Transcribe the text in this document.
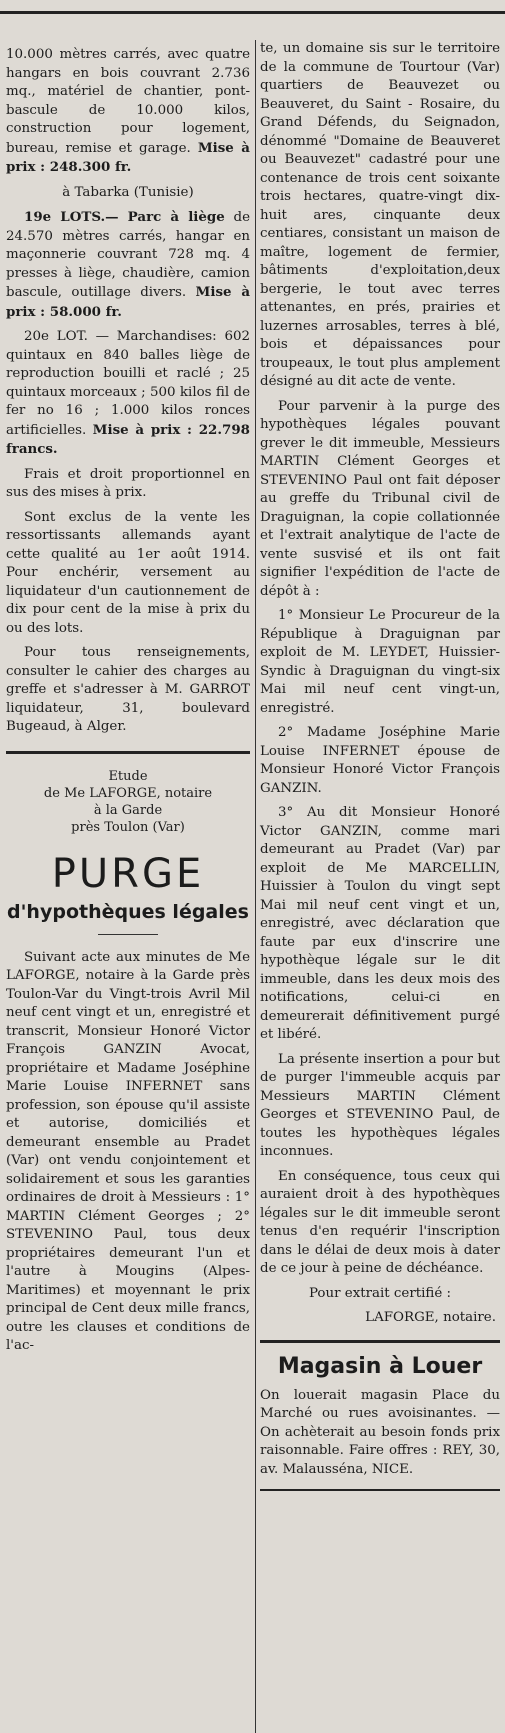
10.000 mètres carrés, avec quatre hangars en bois couvrant 2.736 mq., matériel de chantier, pont-bascule de 10.000 kilos, construction pour logement, bureau, remise et garage. Mise à prix : 248.300 fr.

à Tabarka (Tunisie)

19e LOTS.— Parc à liège de 24.570 mètres carrés, hangar en maçonnerie couvrant 728 mq. 4 presses à liège, chaudière, camion bascule, outillage divers. Mise à prix : 58.000 fr.

20e LOT. — Marchandises: 602 quintaux en 840 balles liège de reproduction bouilli et raclé ; 25 quintaux morceaux ; 500 kilos fil de fer no 16 ; 1.000 kilos ronces artificielles. Mise à prix : 22.798 francs.

Frais et droit proportionnel en sus des mises à prix.

Sont exclus de la vente les ressortissants allemands ayant cette qualité au 1er août 1914. Pour enchérir, versement au liquidateur d'un cautionnement de dix pour cent de la mise à prix du ou des lots.

Pour tous renseignements, consulter le cahier des charges au greffe et s'adresser à M. GARROT liquidateur, 31, boulevard Bugeaud, à Alger.

Etude
de Me LAFORGE, notaire
à la Garde
près Toulon (Var)
PURGE
d'hypothèques légales

Suivant acte aux minutes de Me LAFORGE, notaire à la Garde près Toulon-Var du Vingt-trois Avril Mil neuf cent vingt et un, enregistré et transcrit, Monsieur Honoré Victor François GANZIN Avocat, propriétaire et Madame Joséphine Marie Louise INFERNET sans profession, son épouse qu'il assiste et autorise, domiciliés et demeurant ensemble au Pradet (Var) ont vendu conjointement et solidairement et sous les garanties ordinaires de droit à Messieurs : 1° MARTIN Clément Georges ; 2° STEVENINO Paul, tous deux propriétaires demeurant l'un et l'autre à Mougins (Alpes-Maritimes) et moyennant le prix principal de Cent deux mille francs, outre les clauses et conditions de l'ac-

te, un domaine sis sur le territoire de la commune de Tourtour (Var) quartiers de Beauvezet ou Beauveret, du Saint - Rosaire, du Grand Défends, du Seignadon, dénommé "Domaine de Beauveret ou Beauvezet" cadastré pour une contenance de trois cent soixante trois hectares, quatre-vingt dix-huit ares, cinquante deux centiares, consistant un maison de maître, logement de fermier, bâtiments d'exploitation,deux bergerie, le tout avec terres attenantes, en prés, prairies et luzernes arrosables, terres à blé, bois et dépaissances pour troupeaux, le tout plus amplement désigné au dit acte de vente.

Pour parvenir à la purge des hypothèques légales pouvant grever le dit immeuble, Messieurs MARTIN Clément Georges et STEVENINO Paul ont fait déposer au greffe du Tribunal civil de Draguignan, la copie collationnée et l'extrait analytique de l'acte de vente susvisé et ils ont fait signifier l'expédition de l'acte de dépôt à :

1° Monsieur Le Procureur de la République à Draguignan par exploit de M. LEYDET, Huissier-Syndic à Draguignan du vingt-six Mai mil neuf cent vingt-un, enregistré.

2° Madame Joséphine Marie Louise INFERNET épouse de Monsieur Honoré Victor François GANZIN.

3° Au dit Monsieur Honoré Victor GANZIN, comme mari demeurant au Pradet (Var) par exploit de Me MARCELLIN, Huissier à Toulon du vingt sept Mai mil neuf cent vingt et un, enregistré, avec déclaration que faute par eux d'inscrire une hypothèque légale sur le dit immeuble, dans les deux mois des notifications, celui-ci en demeurerait définitivement purgé et libéré.

La présente insertion a pour but de purger l'immeuble acquis par Messieurs MARTIN Clément Georges et STEVENINO Paul, de toutes les hypothèques légales inconnues.

En conséquence, tous ceux qui auraient droit à des hypothèques légales sur le dit immeuble seront tenus d'en requérir l'inscription dans le délai de deux mois à dater de ce jour à peine de déchéance.

Pour extrait certifié :

LAFORGE, notaire.

Magasin à Louer

On louerait magasin Place du Marché ou rues avoisinantes. — On achèterait au besoin fonds prix raisonnable. Faire offres : REY, 30, av. Malausséna, NICE.
